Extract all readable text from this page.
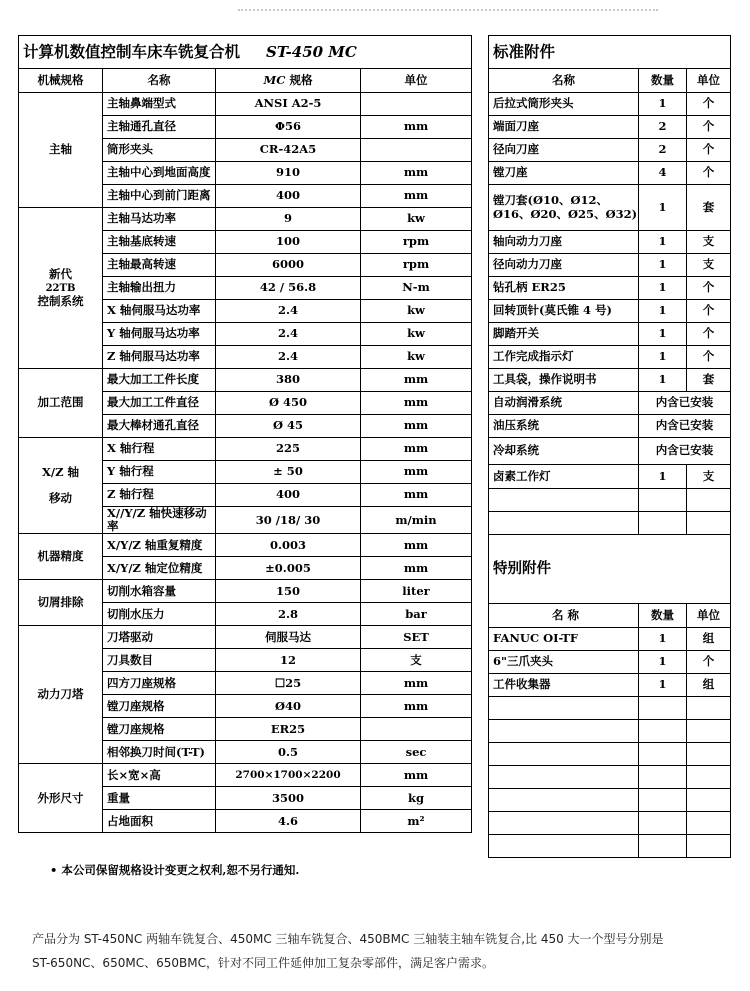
计算机数值控制车床车铣复合机 ST-450 MC			
机械规格	名称	MC 规格	单位
主轴	主轴鼻端型式	ANSI A2-5	
	主轴通孔直径	Φ56	mm
	筒形夹头	CR-42A5	
	主轴中心到地面高度	910	mm
	主轴中心到前门距离	400	mm
新代
22TB
控制系统	主轴马达功率	9	kw
	主轴基底转速	100	rpm
	主轴最高转速	6000	rpm
	主轴输出扭力	42 / 56.8	N-m
	X 轴伺服马达功率	2.4	kw
	Y 轴伺服马达功率	2.4	kw
	Z 轴伺服马达功率	2.4	kw
加工范围	最大加工工件长度	380	mm
	最大加工工件直径	Ø 450	mm
	最大棒材通孔直径	Ø 45	mm
X/Z 轴

移动	X 轴行程	225	mm
	Y 轴行程	± 50	mm
	Z 轴行程	400	mm
	X//Y/Z 轴快速移动率	30 /18/ 30	m/min
机器精度	X/Y/Z 轴重复精度	0.003	mm
	X/Y/Z 轴定位精度	±0.005	mm
切屑排除	切削水箱容量	150	liter
	切削水压力	2.8	bar
动力刀塔	刀塔驱动	伺服马达	SET
	刀具数目	12	支
	四方刀座规格	☐25	mm
	镗刀座规格	Ø40	mm
	镗刀座规格	ER25	
	相邻换刀时间(T-T)	0.5	sec
外形尺寸	长×宽×高	2700×1700×2200	mm
	重量	3500	kg
	占地面积	4.6	m²
标准附件		
名称	数量	单位
后拉式筒形夹头	1	个
端面刀座	2	个
径向刀座	2	个
镗刀座	4	个
镗刀套(Ø10、Ø12、
Ø16、Ø20、Ø25、Ø32)	1	套
轴向动力刀座	1	支
径向动力刀座	1	支
钻孔柄 ER25	1	个
回转顶针(莫氏锥 4 号)	1	个
脚踏开关	1	个
工作完成指示灯	1	个
工具袋，操作说明书	1	套
自动润滑系统	内含已安装	
油压系统	内含已安装	
冷却系统	内含已安装	
卤素工作灯	1	支

特别附件		
名 称	数量	单位
FANUC OI-TF	1	组
6"三爪夹头	1	个
工件收集器	1	组

• 本公司保留规格设计变更之权利,恕不另行通知.
产品分为 ST-450NC 两轴车铣复合、450MC 三轴车铣复合、450BMC 三轴装主轴车铣复合,比 450 大一个型号分别是
ST-650NC、650MC、650BMC，针对不同工件延伸加工复杂零部件，满足客户需求。
